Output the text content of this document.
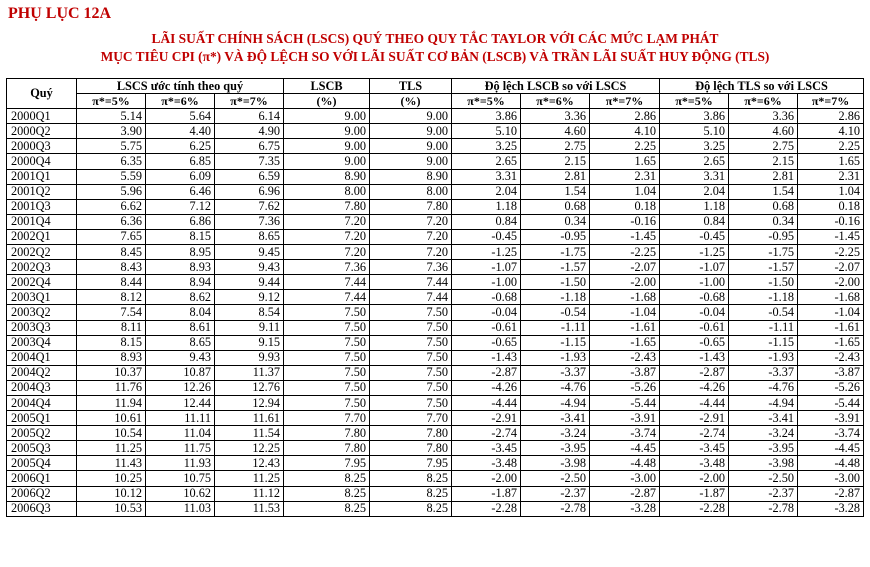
PHỤ LỤC 12A
LÃI SUẤT CHÍNH SÁCH (LSCS) QUÝ THEO QUY TẮC TAYLOR VỚI CÁC MỨC LẠM PHÁT
MỤC TIÊU CPI (π*) VÀ ĐỘ LỆCH SO VỚI LÃI SUẤT CƠ BẢN (LSCB) VÀ TRẦN LÃI SUẤT HUY ĐỘNG (TLS)
Quý	LSCS ước tính theo quý			LSCB	TLS	Độ lệch LSCB so với LSCS			Độ lệch TLS so với LSCS		
	π*=5%	π*=6%	π*=7%	(%)	(%)	π*=5%	π*=6%	π*=7%	π*=5%	π*=6%	π*=7%
2000Q1	5.14	5.64	6.14	9.00	9.00	3.86	3.36	2.86	3.86	3.36	2.86
2000Q2	3.90	4.40	4.90	9.00	9.00	5.10	4.60	4.10	5.10	4.60	4.10
2000Q3	5.75	6.25	6.75	9.00	9.00	3.25	2.75	2.25	3.25	2.75	2.25
2000Q4	6.35	6.85	7.35	9.00	9.00	2.65	2.15	1.65	2.65	2.15	1.65
2001Q1	5.59	6.09	6.59	8.90	8.90	3.31	2.81	2.31	3.31	2.81	2.31
2001Q2	5.96	6.46	6.96	8.00	8.00	2.04	1.54	1.04	2.04	1.54	1.04
2001Q3	6.62	7.12	7.62	7.80	7.80	1.18	0.68	0.18	1.18	0.68	0.18
2001Q4	6.36	6.86	7.36	7.20	7.20	0.84	0.34	-0.16	0.84	0.34	-0.16
2002Q1	7.65	8.15	8.65	7.20	7.20	-0.45	-0.95	-1.45	-0.45	-0.95	-1.45
2002Q2	8.45	8.95	9.45	7.20	7.20	-1.25	-1.75	-2.25	-1.25	-1.75	-2.25
2002Q3	8.43	8.93	9.43	7.36	7.36	-1.07	-1.57	-2.07	-1.07	-1.57	-2.07
2002Q4	8.44	8.94	9.44	7.44	7.44	-1.00	-1.50	-2.00	-1.00	-1.50	-2.00
2003Q1	8.12	8.62	9.12	7.44	7.44	-0.68	-1.18	-1.68	-0.68	-1.18	-1.68
2003Q2	7.54	8.04	8.54	7.50	7.50	-0.04	-0.54	-1.04	-0.04	-0.54	-1.04
2003Q3	8.11	8.61	9.11	7.50	7.50	-0.61	-1.11	-1.61	-0.61	-1.11	-1.61
2003Q4	8.15	8.65	9.15	7.50	7.50	-0.65	-1.15	-1.65	-0.65	-1.15	-1.65
2004Q1	8.93	9.43	9.93	7.50	7.50	-1.43	-1.93	-2.43	-1.43	-1.93	-2.43
2004Q2	10.37	10.87	11.37	7.50	7.50	-2.87	-3.37	-3.87	-2.87	-3.37	-3.87
2004Q3	11.76	12.26	12.76	7.50	7.50	-4.26	-4.76	-5.26	-4.26	-4.76	-5.26
2004Q4	11.94	12.44	12.94	7.50	7.50	-4.44	-4.94	-5.44	-4.44	-4.94	-5.44
2005Q1	10.61	11.11	11.61	7.70	7.70	-2.91	-3.41	-3.91	-2.91	-3.41	-3.91
2005Q2	10.54	11.04	11.54	7.80	7.80	-2.74	-3.24	-3.74	-2.74	-3.24	-3.74
2005Q3	11.25	11.75	12.25	7.80	7.80	-3.45	-3.95	-4.45	-3.45	-3.95	-4.45
2005Q4	11.43	11.93	12.43	7.95	7.95	-3.48	-3.98	-4.48	-3.48	-3.98	-4.48
2006Q1	10.25	10.75	11.25	8.25	8.25	-2.00	-2.50	-3.00	-2.00	-2.50	-3.00
2006Q2	10.12	10.62	11.12	8.25	8.25	-1.87	-2.37	-2.87	-1.87	-2.37	-2.87
2006Q3	10.53	11.03	11.53	8.25	8.25	-2.28	-2.78	-3.28	-2.28	-2.78	-3.28
